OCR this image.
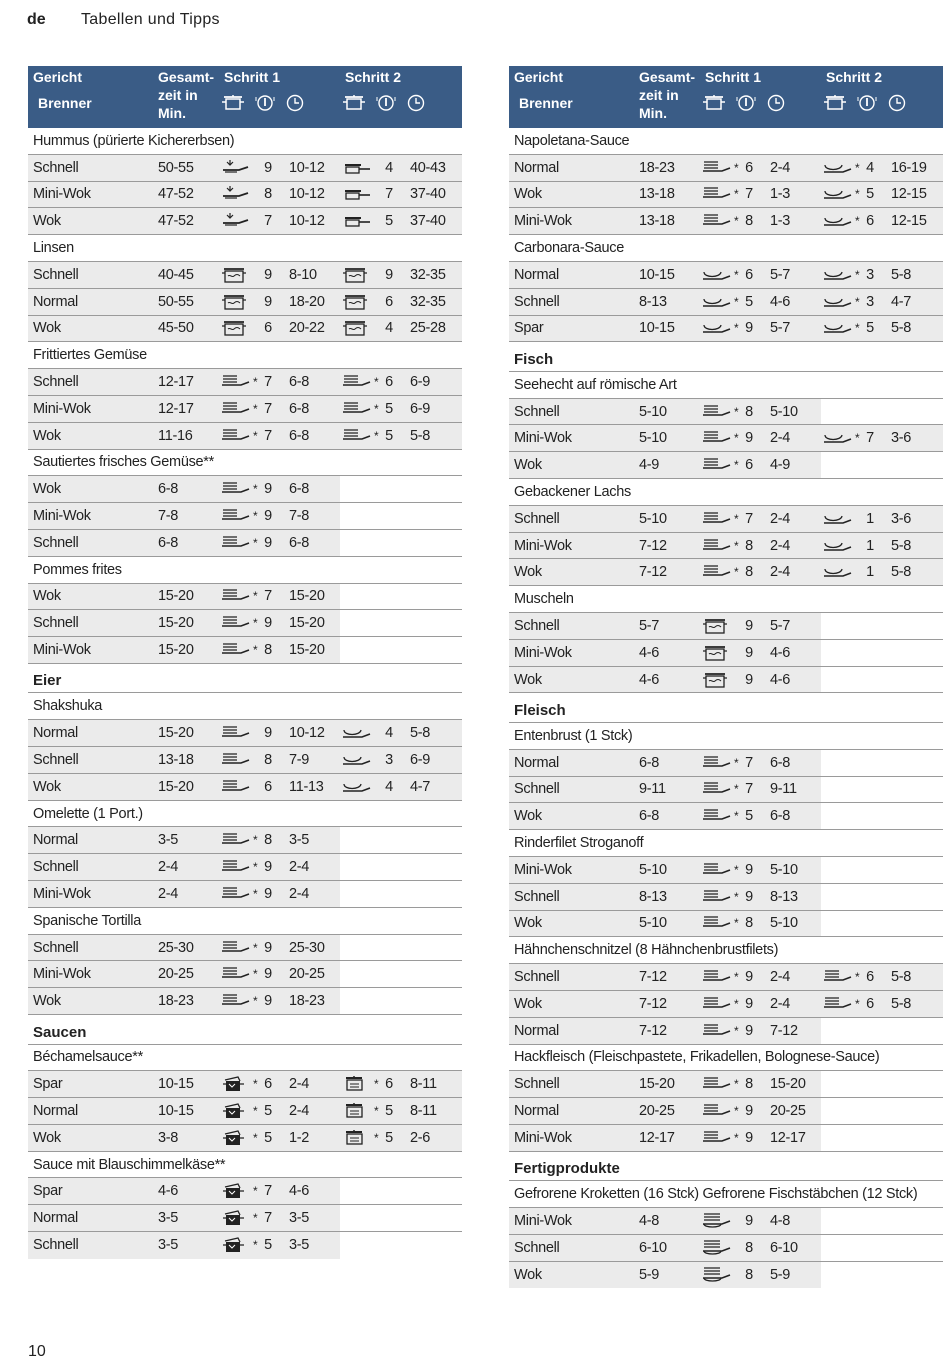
de	Tabellen und Tipps
Gericht
Brenner
Gesamt-
zeit in
Min.
Schritt 1	Schritt 2
Hummus (pürierte Kichererbsen)
Schnell	50-55	9	10-12	4	40-43
Mini-Wok	47-52	8	10-12	7	37-40
Wok	47-52	7	10-12	5	37-40
Linsen
Schnell	40-45	9	8-10	9	32-35
Normal	50-55	9	18-20	6	32-35
Wok	45-50	6	20-22	4	25-28
Frittiertes Gemüse
Schnell	12-17	* 7	6-8	* 6	6-9
Mini-Wok	12-17	* 7	6-8	* 5	6-9
Wok	11-16	* 7	6-8	* 5	5-8
Sautiertes frisches Gemüse**
Wok	6-8	* 9	6-8
Mini-Wok	7-8	* 9	7-8
Schnell	6-8	* 9	6-8
Pommes frites
Wok	15-20	* 7	15-20
Schnell	15-20	* 9	15-20
Mini-Wok	15-20	* 8	15-20
Eier
Shakshuka
Normal	15-20	9	10-12	4	5-8
Schnell	13-18	8	7-9	3	6-9
Wok	15-20	6	11-13	4	4-7
Omelette (1 Port.)
Normal	3-5	* 8	3-5
Schnell	2-4	* 9	2-4
Mini-Wok	2-4	* 9	2-4
Spanische Tortilla
Schnell	25-30	* 9	25-30
Mini-Wok	20-25	* 9	20-25
Wok	18-23	* 9	18-23
Saucen
Béchamelsauce**
Spar	10-15	* 6	2-4	* 6	8-11
Normal	10-15	* 5	2-4	* 5	8-11
Wok	3-8	* 5	1-2	* 5	2-6
Sauce mit Blauschimmelkäse**
Spar	4-6	* 7	4-6
Normal	3-5	* 7	3-5
Schnell	3-5	* 5	3-5
Gericht
Brenner
Gesamt-
zeit in
Min.
Schritt 1	Schritt 2
Napoletana-Sauce
Normal	18-23	* 6	2-4	* 4	16-19
Wok	13-18	* 7	1-3	* 5	12-15
Mini-Wok	13-18	* 8	1-3	* 6	12-15
Carbonara-Sauce
Normal	10-15	* 6	5-7	* 3	5-8
Schnell	8-13	* 5	4-6	* 3	4-7
Spar	10-15	* 9	5-7	* 5	5-8
Fisch
Seehecht auf römische Art
Schnell	5-10	* 8	5-10
Mini-Wok	5-10	* 9	2-4	* 7	3-6
Wok	4-9	* 6	4-9
Gebackener Lachs
Schnell	5-10	* 7	2-4	1	3-6
Mini-Wok	7-12	* 8	2-4	1	5-8
Wok	7-12	* 8	2-4	1	5-8
Muscheln
Schnell	5-7	9	5-7
Mini-Wok	4-6	9	4-6
Wok	4-6	9	4-6
Fleisch
Entenbrust (1 Stck)
Normal	6-8	* 7	6-8
Schnell	9-11	* 7	9-11
Wok	6-8	* 5	6-8
Rinderfilet Stroganoff
Mini-Wok	5-10	* 9	5-10
Schnell	8-13	* 9	8-13
Wok	5-10	* 8	5-10
Hähnchenschnitzel (8 Hähnchenbrustfilets)
Schnell	7-12	* 9	2-4	* 6	5-8
Wok	7-12	* 9	2-4	* 6	5-8
Normal	7-12	* 9	7-12
Hackfleisch (Fleischpastete, Frikadellen, Bolognese-Sauce)
Schnell	15-20	* 8	15-20
Normal	20-25	* 9	20-25
Mini-Wok	12-17	* 9	12-17
Fertigprodukte
Gefrorene Kroketten (16 Stck) Gefrorene Fischstäbchen (12 Stck)
Mini-Wok	4-8	9	4-8
Schnell	6-10	8	6-10
Wok	5-9	8	5-9
10
